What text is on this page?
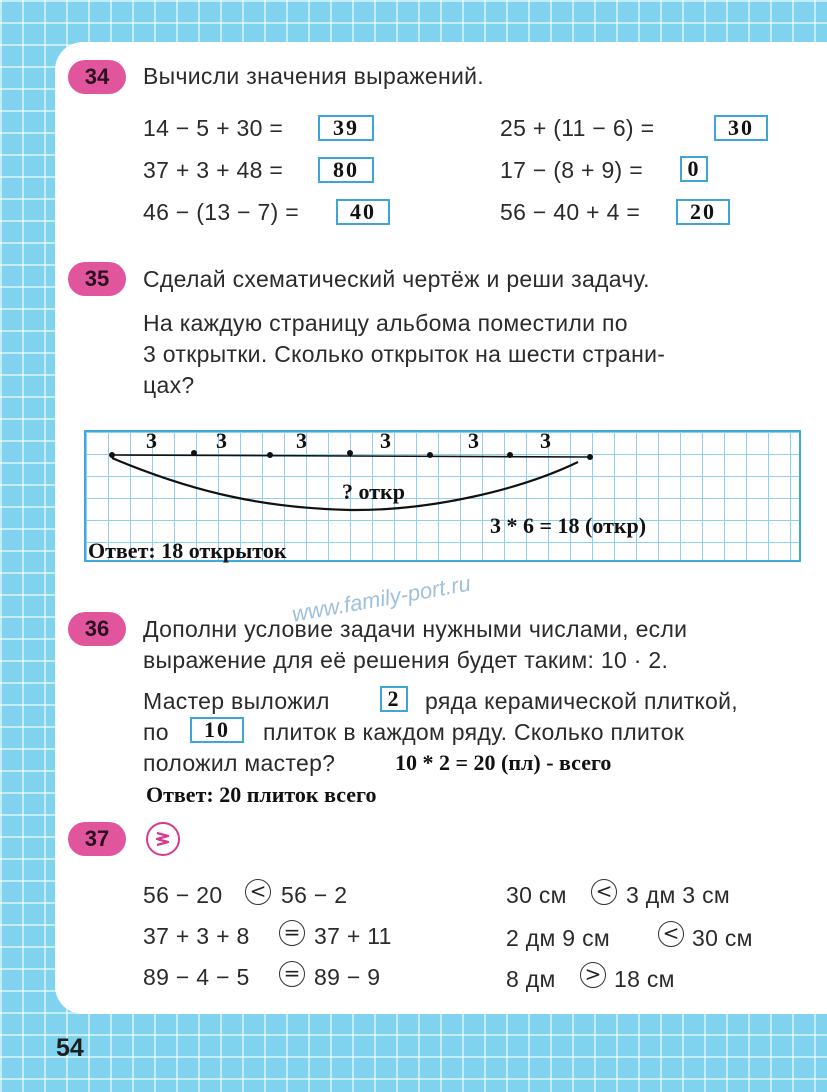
34	Вычисли значения выражений.
14 − 5 + 30 =	39
37 + 3 + 48 =	80
46 − (13 − 7) =	40
25 + (11 − 6) =	30
17 − (8 + 9) =	0
56 − 40 + 4 =	20
35	Сделай схематический чертёж и реши задачу.
На каждую страницу альбома поместили по
3 открытки. Сколько открыток на шести страни-
цах?
3	3	3	3	3	3
? откр
3 * 6 = 18 (откр)
Ответ: 18 открыток
www.family-port.ru
36	Дополни условие задачи нужными числами, если
выражение для её решения будет таким: 10 · 2.
Мастер выложил	2	ряда керамической плиткой,
по	10	плиток в каждом ряду. Сколько плиток
положил мастер?	10 * 2 = 20 (пл) - всего
Ответ: 20 плиток всего
37
56 − 20 < 56 − 2
37 + 3 + 8 = 37 + 11
89 − 4 − 5 = 89 − 9
30 см < 3 дм 3 см
2 дм 9 см	< 30 см
8 дм > 18 см
54
